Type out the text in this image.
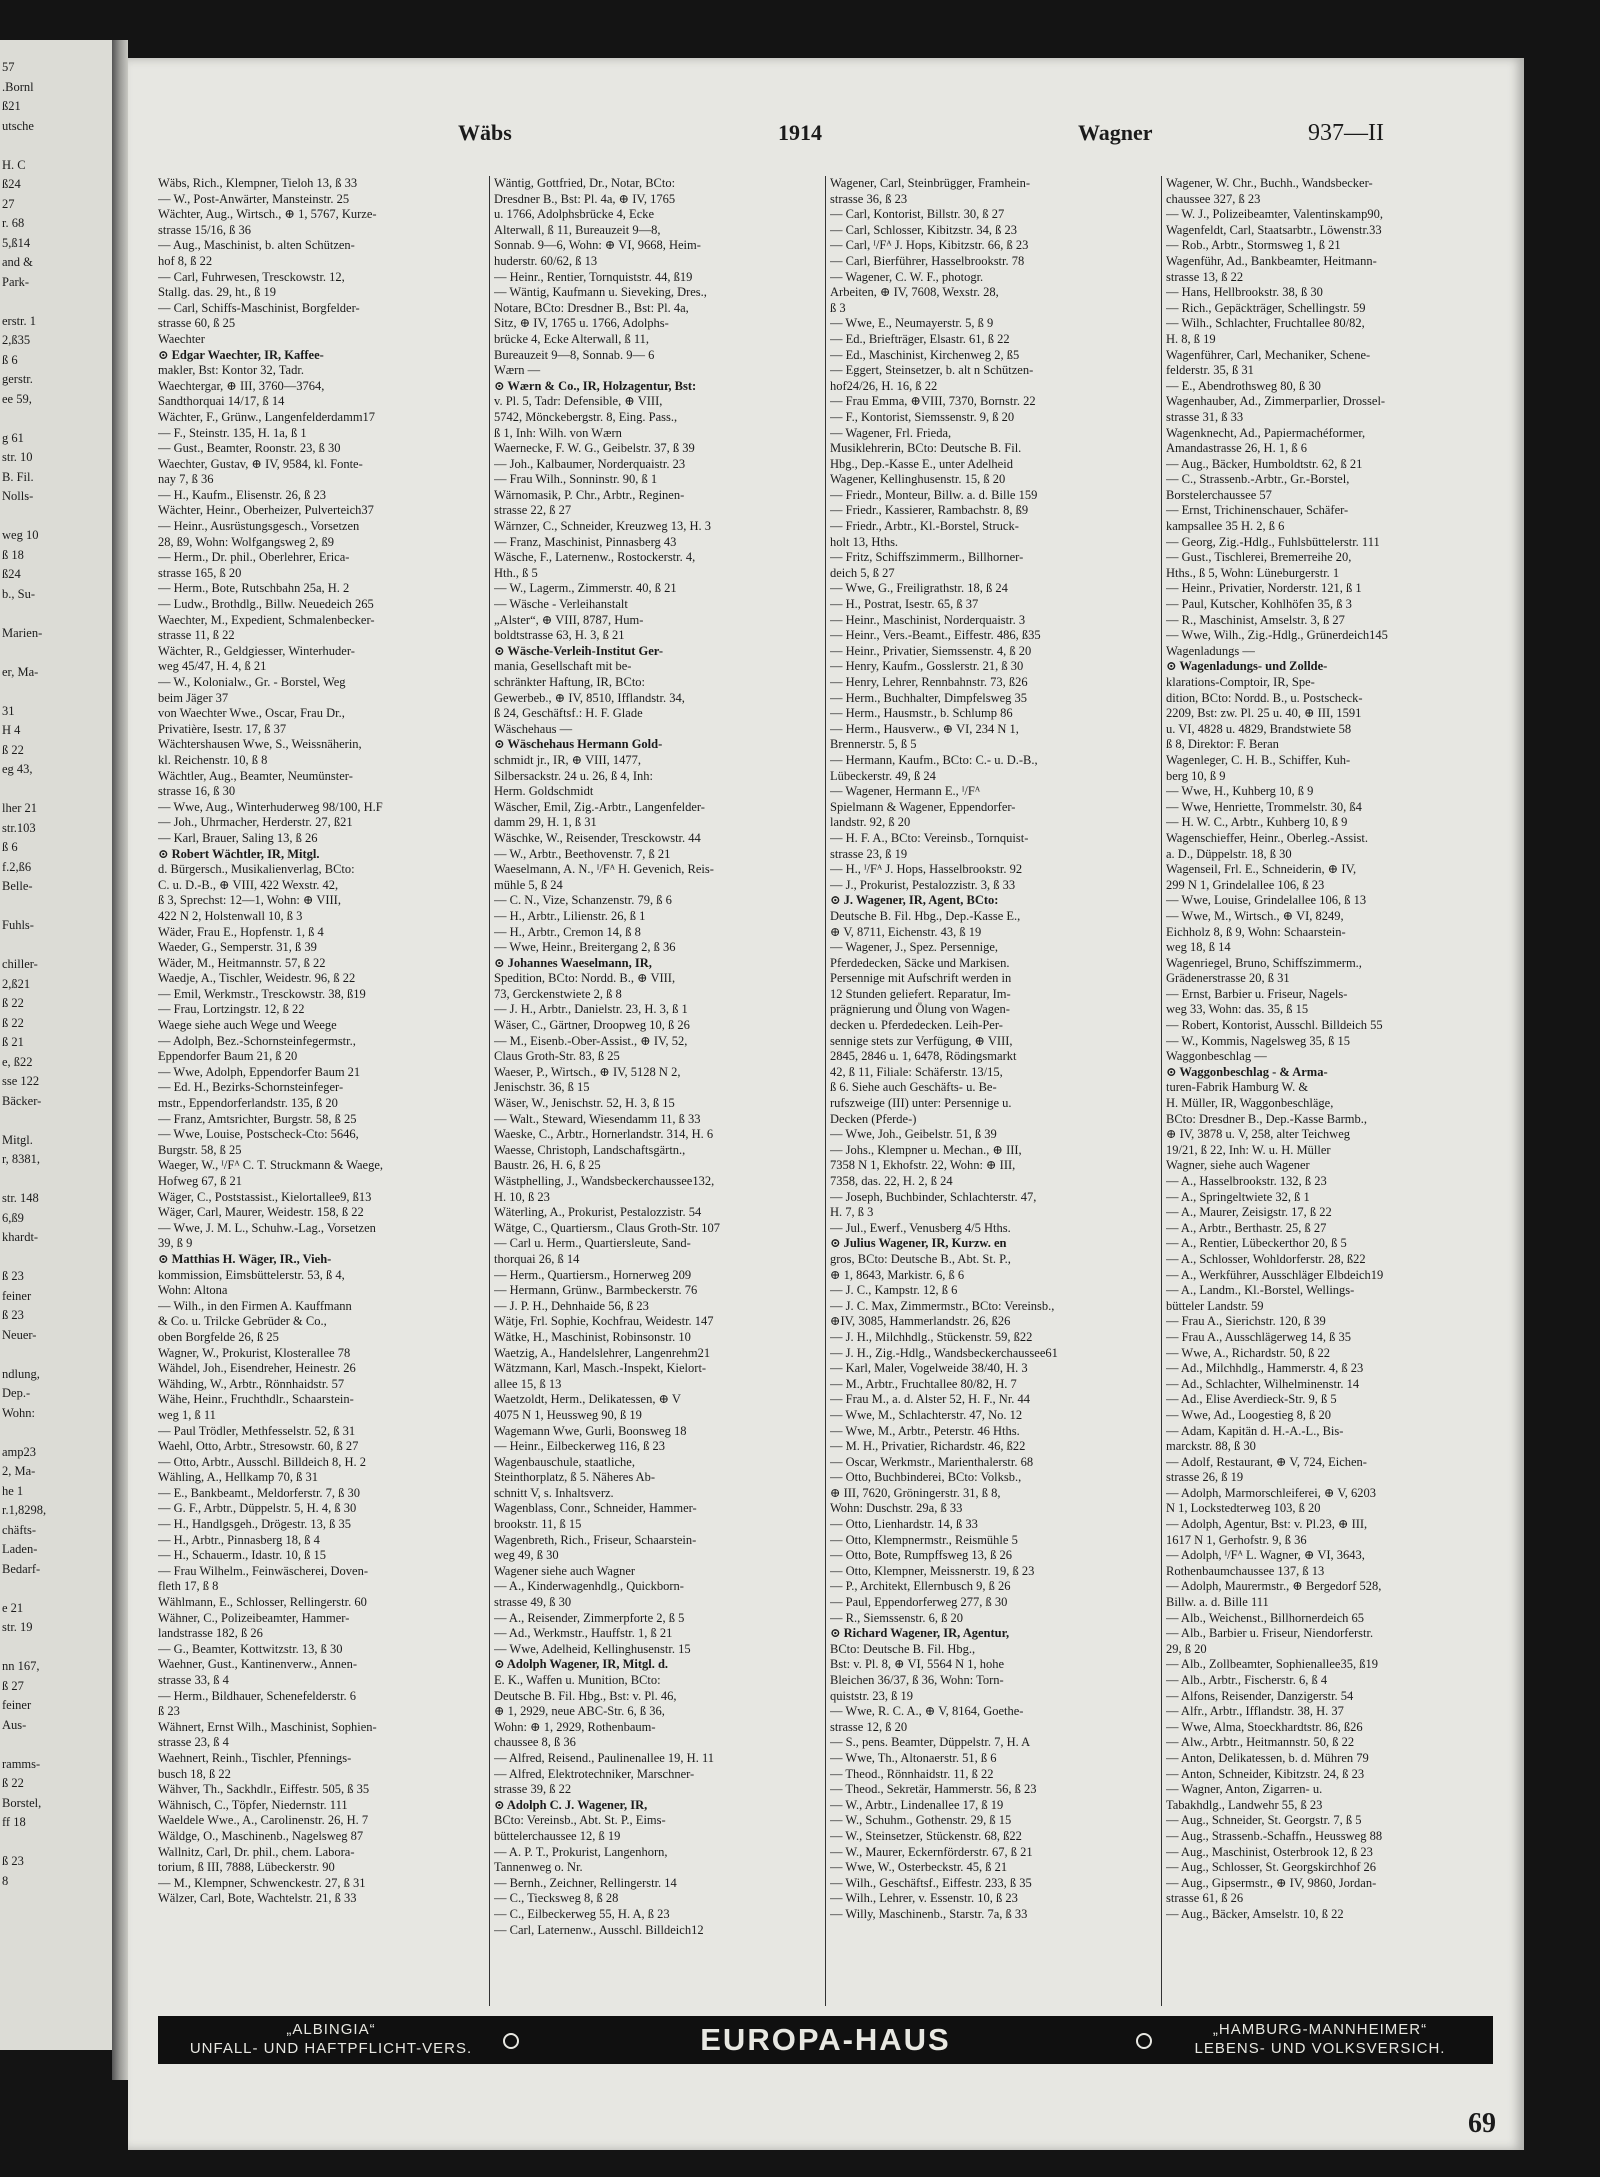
57
.Bornl
ß21
utsche
H. C
ß24
27
r. 68
5,ß14
and &
Park-
erstr. 1
2,ß35
ß 6
gerstr.
ee 59,
g 61
str. 10
B. Fil.
Nolls-
weg 10
ß 18
ß24
b., Su-
Marien-
er, Ma-
31
H 4
ß 22
eg 43,
lher 21
str.103
ß 6
f.2,ß6
Belle-
Fuhls-
chiller-
2,ß21
ß 22
ß 22
ß 21
e, ß22
sse 122
Bäcker-
Mitgl.
r, 8381,
str. 148
6,ß9
khardt-
ß 23
feiner
ß 23
Neuer-
ndlung,
Dep.-
Wohn:
amp23
2, Ma-
he 1
r.1,8298,
chäfts-
Laden-
Bedarf-
e 21
str. 19
nn 167,
ß 27
feiner
Aus-
ramms-
ß 22
Borstel,
ff 18
ß 23
8
Wäbs	1914	Wagner	937—II
Wäbs, Rich., Klempner, Tieloh 13, ß 33
— W., Post-Anwärter, Mansteinstr. 25
Wächter, Aug., Wirtsch., ⊕ 1, 5767, Kurze-
strasse 15/16, ß 36
— Aug., Maschinist, b. alten Schützen-
hof 8, ß 22
— Carl, Fuhrwesen, Tresckowstr. 12,
Stallg. das. 29, ht., ß 19
— Carl, Schiffs-Maschinist, Borgfelder-
strasse 60, ß 25
Waechter
⊙ Edgar Waechter, IR, Kaffee-
makler, Bst: Kontor 32, Tadr.
Waechtergar, ⊕ III, 3760—3764,
Sandthorquai 14/17, ß 14
Wächter, F., Grünw., Langenfelderdamm17
— F., Steinstr. 135, H. 1a, ß 1
— Gust., Beamter, Roonstr. 23, ß 30
Waechter, Gustav, ⊕ IV, 9584, kl. Fonte-
nay 7, ß 36
— H., Kaufm., Elisenstr. 26, ß 23
Wächter, Heinr., Oberheizer, Pulverteich37
— Heinr., Ausrüstungsgesch., Vorsetzen
28, ß9, Wohn: Wolfgangsweg 2, ß9
— Herm., Dr. phil., Oberlehrer, Erica-
strasse 165, ß 20
— Herm., Bote, Rutschbahn 25a, H. 2
— Ludw., Brothdlg., Billw. Neuedeich 265
Waechter, M., Expedient, Schmalenbecker-
strasse 11, ß 22
Wächter, R., Geldgiesser, Winterhuder-
weg 45/47, H. 4, ß 21
— W., Kolonialw., Gr. - Borstel, Weg
beim Jäger 37
von Waechter Wwe., Oscar, Frau Dr.,
Privatière, Isestr. 17, ß 37
Wächtershausen Wwe, S., Weissnäherin,
kl. Reichenstr. 10, ß 8
Wächtler, Aug., Beamter, Neumünster-
strasse 16, ß 30
— Wwe, Aug., Winterhuderweg 98/100, H.F
— Joh., Uhrmacher, Herderstr. 27, ß21
— Karl, Brauer, Saling 13, ß 26
⊙ Robert Wächtler, IR, Mitgl.
d. Bürgersch., Musikalienverlag, BCto:
C. u. D.-B., ⊕ VIII, 422 Wexstr. 42,
ß 3, Sprechst: 12—1, Wohn: ⊕ VIII,
422 N 2, Holstenwall 10, ß 3
Wäder, Frau E., Hopfenstr. 1, ß 4
Waeder, G., Semperstr. 31, ß 39
Wäder, M., Heitmannstr. 57, ß 22
Waedje, A., Tischler, Weidestr. 96, ß 22
— Emil, Werkmstr., Tresckowstr. 38, ß19
— Frau, Lortzingstr. 12, ß 22
Waege siehe auch Wege und Weege
— Adolph, Bez.-Schornsteinfegermstr.,
Eppendorfer Baum 21, ß 20
— Wwe, Adolph, Eppendorfer Baum 21
— Ed. H., Bezirks-Schornsteinfeger-
mstr., Eppendorferlandstr. 135, ß 20
— Franz, Amtsrichter, Burgstr. 58, ß 25
— Wwe, Louise, Postscheck-Cto: 5646,
Burgstr. 58, ß 25
Waeger, W., ᴵ/Fᴬ C. T. Struckmann & Waege,
Hofweg 67, ß 21
Wäger, C., Poststassist., Kielortallee9, ß13
Wäger, Carl, Maurer, Weidestr. 158, ß 22
— Wwe, J. M. L., Schuhw.-Lag., Vorsetzen
39, ß 9
⊙ Matthias H. Wäger, IR., Vieh-
kommission, Eimsbüttelerstr. 53, ß 4,
Wohn: Altona
— Wilh., in den Firmen A. Kauffmann
& Co. u. Trilcke Gebrüder & Co.,
oben Borgfelde 26, ß 25
Wagner, W., Prokurist, Klosterallee 78
Wähdel, Joh., Eisendreher, Heinestr. 26
Wähding, W., Arbtr., Rönnhaidstr. 57
Wähe, Heinr., Fruchthdlr., Schaarstein-
weg 1, ß 11
— Paul Trödler, Methfesselstr. 52, ß 31
Waehl, Otto, Arbtr., Stresowstr. 60, ß 27
— Otto, Arbtr., Ausschl. Billdeich 8, H. 2
Wähling, A., Hellkamp 70, ß 31
— E., Bankbeamt., Meldorferstr. 7, ß 30
— G. F., Arbtr., Düppelstr. 5, H. 4, ß 30
— H., Handlgsgeh., Drögestr. 13, ß 35
— H., Arbtr., Pinnasberg 18, ß 4
— H., Schauerm., Idastr. 10, ß 15
— Frau Wilhelm., Feinwäscherei, Doven-
fleth 17, ß 8
Wählmann, E., Schlosser, Rellingerstr. 60
Wähner, C., Polizeibeamter, Hammer-
landstrasse 182, ß 26
— G., Beamter, Kottwitzstr. 13, ß 30
Waehner, Gust., Kantinenverw., Annen-
strasse 33, ß 4
— Herm., Bildhauer, Schenefelderstr. 6
ß 23
Wähnert, Ernst Wilh., Maschinist, Sophien-
strasse 23, ß 4
Waehnert, Reinh., Tischler, Pfennings-
busch 18, ß 22
Wähver, Th., Sackhdlr., Eiffestr. 505, ß 35
Wähnisch, C., Töpfer, Niedernstr. 111
Waeldele Wwe., A., Carolinenstr. 26, H. 7
Wäldge, O., Maschinenb., Nagelsweg 87
Wallnitz, Carl, Dr. phil., chem. Labora-
torium, ß III, 7888, Lübeckerstr. 90
— M., Klempner, Schwenckestr. 27, ß 31
Wälzer, Carl, Bote, Wachtelstr. 21, ß 33
Wäntig, Gottfried, Dr., Notar, BCto:
Dresdner B., Bst: Pl. 4a, ⊕ IV, 1765
u. 1766, Adolphsbrücke 4, Ecke
Alterwall, ß 11, Bureauzeit 9—8,
Sonnab. 9—6, Wohn: ⊕ VI, 9668, Heim-
huderstr. 60/62, ß 13
— Heinr., Rentier, Tornquiststr. 44, ß19
— Wäntig, Kaufmann u. Sieveking, Dres.,
Notare, BCto: Dresdner B., Bst: Pl. 4a,
Sitz, ⊕ IV, 1765 u. 1766, Adolphs-
brücke 4, Ecke Alterwall, ß 11,
Bureauzeit 9—8, Sonnab. 9— 6
Wærn —
⊙ Wærn & Co., IR, Holzagentur, Bst:
v. Pl. 5, Tadr: Defensible, ⊕ VIII,
5742, Mönckebergstr. 8, Eing. Pass.,
ß 1, Inh: Wilh. von Wærn
Waernecke, F. W. G., Geibelstr. 37, ß 39
— Joh., Kalbaumer, Norderquaistr. 23
— Frau Wilh., Sonninstr. 90, ß 1
Wärnomasik, P. Chr., Arbtr., Reginen-
strasse 22, ß 27
Wärnzer, C., Schneider, Kreuzweg 13, H. 3
— Franz, Maschinist, Pinnasberg 43
Wäsche, F., Laternenw., Rostockerstr. 4,
Hth., ß 5
— W., Lagerm., Zimmerstr. 40, ß 21
— Wäsche - Verleihanstalt
„Alster“, ⊕ VIII, 8787, Hum-
boldtstrasse 63, H. 3, ß 21
⊙ Wäsche-Verleih-Institut Ger-
mania, Gesellschaft mit be-
schränkter Haftung, IR, BCto:
Gewerbeb., ⊕ IV, 8510, Ifflandstr. 34,
ß 24, Geschäftsf.: H. F. Glade
Wäschehaus —
⊙ Wäschehaus Hermann Gold-
schmidt jr., IR, ⊕ VIII, 1477,
Silbersackstr. 24 u. 26, ß 4, Inh:
Herm. Goldschmidt
Wäscher, Emil, Zig.-Arbtr., Langenfelder-
damm 29, H. 1, ß 31
Wäschke, W., Reisender, Tresckowstr. 44
— W., Arbtr., Beethovenstr. 7, ß 21
Waeselmann, A. N., ᴵ/Fᴬ H. Gevenich, Reis-
mühle 5, ß 24
— C. N., Vize, Schanzenstr. 79, ß 6
— H., Arbtr., Lilienstr. 26, ß 1
— H., Arbtr., Cremon 14, ß 8
— Wwe, Heinr., Breitergang 2, ß 36
⊙ Johannes Waeselmann, IR,
Spedition, BCto: Nordd. B., ⊕ VIII,
73, Gerckenstwiete 2, ß 8
— J. H., Arbtr., Danielstr. 23, H. 3, ß 1
Wäser, C., Gärtner, Droopweg 10, ß 26
— M., Eisenb.-Ober-Assist., ⊕ IV, 52,
Claus Groth-Str. 83, ß 25
Waeser, P., Wirtsch., ⊕ IV, 5128 N 2,
Jenischstr. 36, ß 15
Wäser, W., Jenischstr. 52, H. 3, ß 15
— Walt., Steward, Wiesendamm 11, ß 33
Waeske, C., Arbtr., Hornerlandstr. 314, H. 6
Waesse, Christoph, Landschaftsgärtn.,
Baustr. 26, H. 6, ß 25
Wästphelling, J., Wandsbeckerchaussee132,
H. 10, ß 23
Wäterling, A., Prokurist, Pestalozzistr. 54
Wätge, C., Quartiersm., Claus Groth-Str. 107
— Carl u. Herm., Quartiersleute, Sand-
thorquai 26, ß 14
— Herm., Quartiersm., Hornerweg 209
— Hermann, Grünw., Barmbeckerstr. 76
— J. P. H., Dehnhaide 56, ß 23
Wätje, Frl. Sophie, Kochfrau, Weidestr. 147
Wätke, H., Maschinist, Robinsonstr. 10
Waetzig, A., Handelslehrer, Langenrehm21
Wätzmann, Karl, Masch.-Inspekt, Kielort-
allee 15, ß 13
Waetzoldt, Herm., Delikatessen, ⊕ V
4075 N 1, Heussweg 90, ß 19
Wagemann Wwe, Gurli, Boonsweg 18
— Heinr., Eilbeckerweg 116, ß 23
Wagenbauschule, staatliche,
Steinthorplatz, ß 5. Näheres Ab-
schnitt V, s. Inhaltsverz.
Wagenblass, Conr., Schneider, Hammer-
brookstr. 11, ß 15
Wagenbreth, Rich., Friseur, Schaarstein-
weg 49, ß 30
Wagener siehe auch Wagner
— A., Kinderwagenhdlg., Quickborn-
strasse 49, ß 30
— A., Reisender, Zimmerpforte 2, ß 5
— Ad., Werkmstr., Hauffstr. 1, ß 21
— Wwe, Adelheid, Kellinghusenstr. 15
⊙ Adolph Wagener, IR, Mitgl. d.
E. K., Waffen u. Munition, BCto:
Deutsche B. Fil. Hbg., Bst: v. Pl. 46,
⊕ 1, 2929, neue ABC-Str. 6, ß 36,
Wohn: ⊕ 1, 2929, Rothenbaum-
chaussee 8, ß 36
— Alfred, Reisend., Paulinenallee 19, H. 11
— Alfred, Elektrotechniker, Marschner-
strasse 39, ß 22
⊙ Adolph C. J. Wagener, IR,
BCto: Vereinsb., Abt. St. P., Eims-
büttelerchaussee 12, ß 19
— A. P. T., Prokurist, Langenhorn,
Tannenweg o. Nr.
— Bernh., Zeichner, Rellingerstr. 14
— C., Tiecksweg 8, ß 28
— C., Eilbeckerweg 55, H. A, ß 23
— Carl, Laternenw., Ausschl. Billdeich12
Wagener, Carl, Steinbrügger, Framhein-
strasse 36, ß 23
— Carl, Kontorist, Billstr. 30, ß 27
— Carl, Schlosser, Kibitzstr. 34, ß 23
— Carl, ᴵ/Fᴬ J. Hops, Kibitzstr. 66, ß 23
— Carl, Bierführer, Hasselbrookstr. 78
— Wagener, C. W. F., photogr.
Arbeiten, ⊕ IV, 7608, Wexstr. 28,
ß 3
— Wwe, E., Neumayerstr. 5, ß 9
— Ed., Briefträger, Elsastr. 61, ß 22
— Ed., Maschinist, Kirchenweg 2, ß5
— Eggert, Steinsetzer, b. alt n Schützen-
hof24/26, H. 16, ß 22
— Frau Emma, ⊕VIII, 7370, Bornstr. 22
— F., Kontorist, Siemssenstr. 9, ß 20
— Wagener, Frl. Frieda,
Musiklehrerin, BCto: Deutsche B. Fil.
Hbg., Dep.-Kasse E., unter Adelheid
Wagener, Kellinghusenstr. 15, ß 20
— Friedr., Monteur, Billw. a. d. Bille 159
— Friedr., Kassierer, Rambachstr. 8, ß9
— Friedr., Arbtr., Kl.-Borstel, Struck-
holt 13, Hths.
— Fritz, Schiffszimmerm., Billhorner-
deich 5, ß 27
— Wwe, G., Freiligrathstr. 18, ß 24
— H., Postrat, Isestr. 65, ß 37
— Heinr., Maschinist, Norderquaistr. 3
— Heinr., Vers.-Beamt., Eiffestr. 486, ß35
— Heinr., Privatier, Siemssenstr. 4, ß 20
— Henry, Kaufm., Gosslerstr. 21, ß 30
— Henry, Lehrer, Rennbahnstr. 73, ß26
— Herm., Buchhalter, Dimpfelsweg 35
— Herm., Hausmstr., b. Schlump 86
— Herm., Hausverw., ⊕ VI, 234 N 1,
Brennerstr. 5, ß 5
— Hermann, Kaufm., BCto: C.- u. D.-B.,
Lübeckerstr. 49, ß 24
— Wagener, Hermann E., ᴵ/Fᴬ
Spielmann & Wagener, Eppendorfer-
landstr. 92, ß 20
— H. F. A., BCto: Vereinsb., Tornquist-
strasse 23, ß 19
— H., ᴵ/Fᴬ J. Hops, Hasselbrookstr. 92
— J., Prokurist, Pestalozzistr. 3, ß 33
⊙ J. Wagener, IR, Agent, BCto:
Deutsche B. Fil. Hbg., Dep.-Kasse E.,
⊕ V, 8711, Eichenstr. 43, ß 19
— Wagener, J., Spez. Persennige,
Pferdedecken, Säcke und Markisen.
Persennige mit Aufschrift werden in
12 Stunden geliefert. Reparatur, Im-
prägnierung und Ölung von Wagen-
decken u. Pferdedecken. Leih-Per-
sennige stets zur Verfügung, ⊕ VIII,
2845, 2846 u. 1, 6478, Rödingsmarkt
42, ß 11, Filiale: Schäferstr. 13/15,
ß 6. Siehe auch Geschäfts- u. Be-
rufszweige (III) unter: Persennige u.
Decken (Pferde-)
— Wwe, Joh., Geibelstr. 51, ß 39
— Johs., Klempner u. Mechan., ⊕ III,
7358 N 1, Ekhofstr. 22, Wohn: ⊕ III,
7358, das. 22, H. 2, ß 24
— Joseph, Buchbinder, Schlachterstr. 47,
H. 7, ß 3
— Jul., Ewerf., Venusberg 4/5 Hths.
⊙ Julius Wagener, IR, Kurzw. en
gros, BCto: Deutsche B., Abt. St. P.,
⊕ 1, 8643, Markistr. 6, ß 6
— J. C., Kampstr. 12, ß 6
— J. C. Max, Zimmermstr., BCto: Vereinsb.,
⊕IV, 3085, Hammerlandstr. 26, ß26
— J. H., Milchhdlg., Stückenstr. 59, ß22
— J. H., Zig.-Hdlg., Wandsbeckerchaussee61
— Karl, Maler, Vogelweide 38/40, H. 3
— M., Arbtr., Fruchtallee 80/82, H. 7
— Frau M., a. d. Alster 52, H. F., Nr. 44
— Wwe, M., Schlachterstr. 47, No. 12
— Wwe, M., Arbtr., Peterstr. 46 Hths.
— M. H., Privatier, Richardstr. 46, ß22
— Oscar, Werkmstr., Marienthalerstr. 68
— Otto, Buchbinderei, BCto: Volksb.,
⊕ III, 7620, Gröningerstr. 31, ß 8,
Wohn: Duschstr. 29a, ß 33
— Otto, Lienhardstr. 14, ß 33
— Otto, Klempnermstr., Reismühle 5
— Otto, Bote, Rumpffsweg 13, ß 26
— Otto, Klempner, Meissnerstr. 19, ß 23
— P., Architekt, Ellernbusch 9, ß 26
— Paul, Eppendorferweg 277, ß 30
— R., Siemssenstr. 6, ß 20
⊙ Richard Wagener, IR, Agentur,
BCto: Deutsche B. Fil. Hbg.,
Bst: v. Pl. 8, ⊕ VI, 5564 N 1, hohe
Bleichen 36/37, ß 36, Wohn: Torn-
quiststr. 23, ß 19
— Wwe, R. C. A., ⊕ V, 8164, Goethe-
strasse 12, ß 20
— S., pens. Beamter, Düppelstr. 7, H. A
— Wwe, Th., Altonaerstr. 51, ß 6
— Theod., Rönnhaidstr. 11, ß 22
— Theod., Sekretär, Hammerstr. 56, ß 23
— W., Arbtr., Lindenallee 17, ß 19
— W., Schuhm., Gothenstr. 29, ß 15
— W., Steinsetzer, Stückenstr. 68, ß22
— W., Maurer, Eckernförderstr. 67, ß 21
— Wwe, W., Osterbeckstr. 45, ß 21
— Wilh., Geschäftsf., Eiffestr. 233, ß 35
— Wilh., Lehrer, v. Essenstr. 10, ß 23
— Willy, Maschinenb., Starstr. 7a, ß 33
Wagener, W. Chr., Buchh., Wandsbecker-
chaussee 327, ß 23
— W. J., Polizeibeamter, Valentinskamp90,
Wagenfeldt, Carl, Staatsarbtr., Löwenstr.33
— Rob., Arbtr., Stormsweg 1, ß 21
Wagenführ, Ad., Bankbeamter, Heitmann-
strasse 13, ß 22
— Hans, Hellbrookstr. 38, ß 30
— Rich., Gepäckträger, Schellingstr. 59
— Wilh., Schlachter, Fruchtallee 80/82,
H. 8, ß 19
Wagenführer, Carl, Mechaniker, Schene-
felderstr. 35, ß 31
— E., Abendrothsweg 80, ß 30
Wagenhauber, Ad., Zimmerparlier, Drossel-
strasse 31, ß 33
Wagenknecht, Ad., Papiermachéformer,
Amandastrasse 26, H. 1, ß 6
— Aug., Bäcker, Humboldtstr. 62, ß 21
— C., Strassenb.-Arbtr., Gr.-Borstel,
Borstelerchaussee 57
— Ernst, Trichinenschauer, Schäfer-
kampsallee 35 H. 2, ß 6
— Georg, Zig.-Hdlg., Fuhlsbüttelerstr. 111
— Gust., Tischlerei, Bremerreihe 20,
Hths., ß 5, Wohn: Lüneburgerstr. 1
— Heinr., Privatier, Norderstr. 121, ß 1
— Paul, Kutscher, Kohlhöfen 35, ß 3
— R., Maschinist, Amselstr. 3, ß 27
— Wwe, Wilh., Zig.-Hdlg., Grünerdeich145
Wagenladungs —
⊙ Wagenladungs- und Zollde-
klarations-Comptoir, IR, Spe-
dition, BCto: Nordd. B., u. Postscheck-
2209, Bst: zw. Pl. 25 u. 40, ⊕ III, 1591
u. VI, 4828 u. 4829, Brandstwiete 58
ß 8, Direktor: F. Beran
Wagenleger, C. H. B., Schiffer, Kuh-
berg 10, ß 9
— Wwe, H., Kuhberg 10, ß 9
— Wwe, Henriette, Trommelstr. 30, ß4
— H. W. C., Arbtr., Kuhberg 10, ß 9
Wagenschieffer, Heinr., Oberleg.-Assist.
a. D., Düppelstr. 18, ß 30
Wagenseil, Frl. E., Schneiderin, ⊕ IV,
299 N 1, Grindelallee 106, ß 23
— Wwe, Louise, Grindelallee 106, ß 13
— Wwe, M., Wirtsch., ⊕ VI, 8249,
Eichholz 8, ß 9, Wohn: Schaarstein-
weg 18, ß 14
Wagenriegel, Bruno, Schiffszimmerm.,
Grädenerstrasse 20, ß 31
— Ernst, Barbier u. Friseur, Nagels-
weg 33, Wohn: das. 35, ß 15
— Robert, Kontorist, Ausschl. Billdeich 55
— W., Kommis, Nagelsweg 35, ß 15
Waggonbeschlag —
⊙ Waggonbeschlag - & Arma-
turen-Fabrik Hamburg W. &
H. Müller, IR, Waggonbeschläge,
BCto: Dresdner B., Dep.-Kasse Barmb.,
⊕ IV, 3878 u. V, 258, alter Teichweg
19/21, ß 22, Inh: W. u. H. Müller
Wagner, siehe auch Wagener
— A., Hasselbrookstr. 132, ß 23
— A., Springeltwiete 32, ß 1
— A., Maurer, Zeisigstr. 17, ß 22
— A., Arbtr., Berthastr. 25, ß 27
— A., Rentier, Lübeckerthor 20, ß 5
— A., Schlosser, Wohldorferstr. 28, ß22
— A., Werkführer, Ausschläger Elbdeich19
— A., Landm., Kl.-Borstel, Wellings-
bütteler Landstr. 59
— Frau A., Sierichstr. 120, ß 39
— Frau A., Ausschlägerweg 14, ß 35
— Wwe, A., Richardstr. 50, ß 22
— Ad., Milchhdlg., Hammerstr. 4, ß 23
— Ad., Schlachter, Wilhelminenstr. 14
— Ad., Elise Averdieck-Str. 9, ß 5
— Wwe, Ad., Loogestieg 8, ß 20
— Adam, Kapitän d. H.-A.-L., Bis-
marckstr. 88, ß 30
— Adolf, Restaurant, ⊕ V, 724, Eichen-
strasse 26, ß 19
— Adolph, Marmorschleiferei, ⊕ V, 6203
N 1, Lockstedterweg 103, ß 20
— Adolph, Agentur, Bst: v. Pl.23, ⊕ III,
1617 N 1, Gerhofstr. 9, ß 36
— Adolph, ᴵ/Fᴬ L. Wagner, ⊕ VI, 3643,
Rothenbaumchaussee 137, ß 13
— Adolph, Maurermstr., ⊕ Bergedorf 528,
Billw. a. d. Bille 111
— Alb., Weichenst., Billhornerdeich 65
— Alb., Barbier u. Friseur, Niendorferstr.
29, ß 20
— Alb., Zollbeamter, Sophienallee35, ß19
— Alb., Arbtr., Fischerstr. 6, ß 4
— Alfons, Reisender, Danzigerstr. 54
— Alfr., Arbtr., Ifflandstr. 38, H. 37
— Wwe, Alma, Stoeckhardtstr. 86, ß26
— Alw., Arbtr., Heitmannstr. 50, ß 22
— Anton, Delikatessen, b. d. Mühren 79
— Anton, Schneider, Kibitzstr. 24, ß 23
— Wagner, Anton, Zigarren- u.
Tabakhdlg., Landwehr 55, ß 23
— Aug., Schneider, St. Georgstr. 7, ß 5
— Aug., Strassenb.-Schaffn., Heussweg 88
— Aug., Maschinist, Osterbrook 12, ß 23
— Aug., Schlosser, St. Georgskirchhof 26
— Aug., Gipsermstr., ⊕ IV, 9860, Jordan-
strasse 61, ß 26
— Aug., Bäcker, Amselstr. 10, ß 22
„ALBINGIA“
UNFALL- UND HAFTPFLICHT-VERS.	EUROPA-HAUS	„HAMBURG-MANNHEIMER“
LEBENS- UND VOLKSVERSICH.
69
